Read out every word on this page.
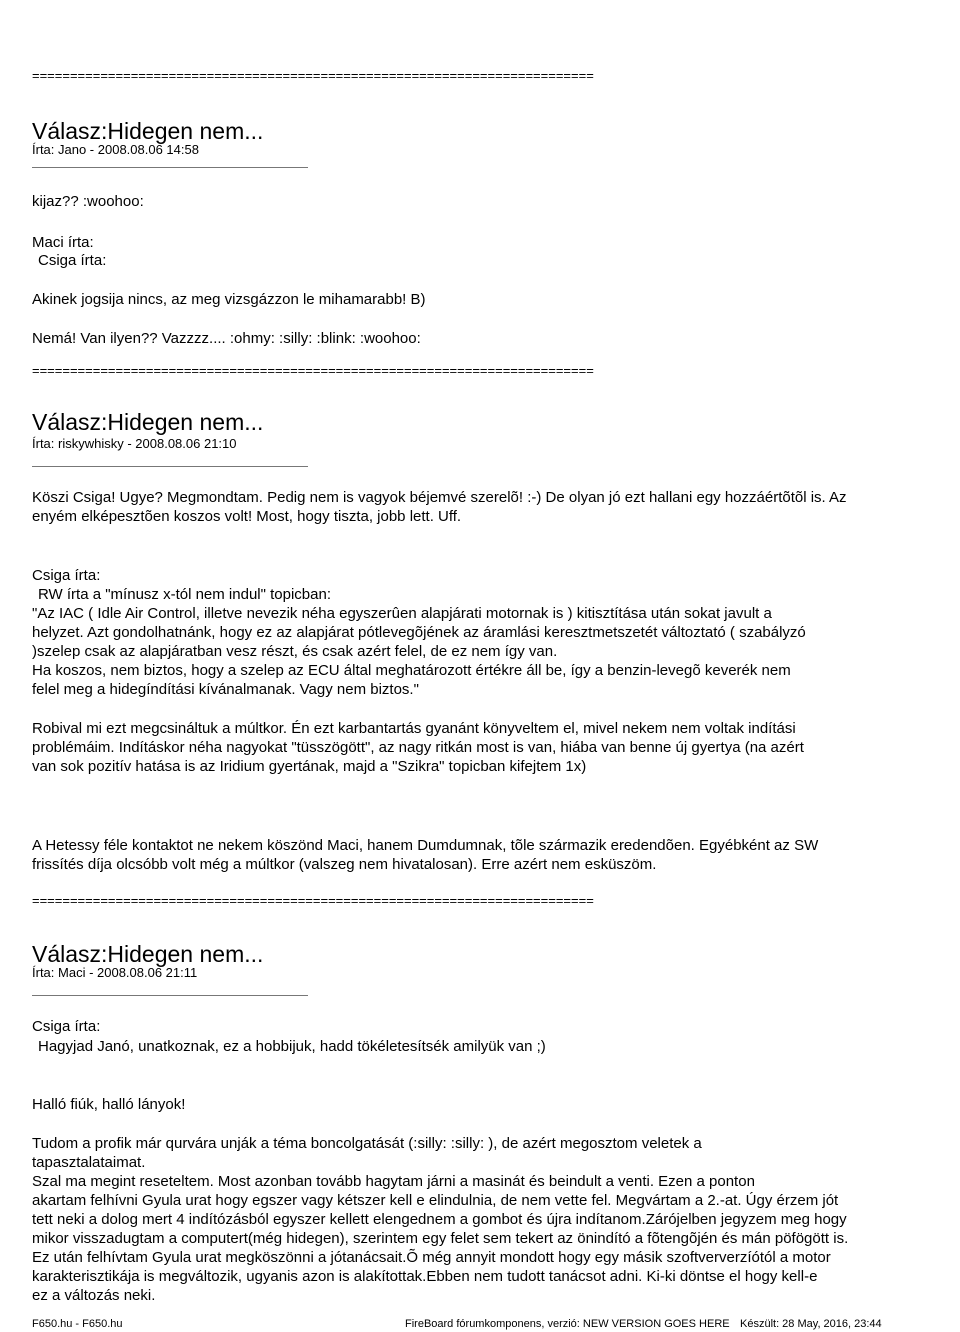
==========================================================================
==========================================================================
==========================================================================
Válasz:Hidegen nem...
Írta: Jano - 2008.08.06 14:58
kijaz?? :woohoo:
Maci írta:
Csiga írta:
Akinek jogsija nincs, az meg vizsgázzon le mihamarabb! B)
Nemá! Van ilyen?? Vazzzz.... :ohmy: :silly: :blink: :woohoo:
Válasz:Hidegen nem...
Írta: riskywhisky - 2008.08.06 21:10
Köszi Csiga! Ugye? Megmondtam. Pedig nem is vagyok béjemvé szerelõ! :-) De olyan jó ezt hallani egy hozzáértõtõl is. Az
enyém elképesztõen koszos volt! Most, hogy tiszta, jobb lett. Uff.
Csiga írta:
RW írta a "mínusz x-tól nem indul" topicban:
"Az IAC ( Idle Air Control, illetve nevezik néha egyszerûen alapjárati motornak is ) kitisztítása után sokat javult a
helyzet. Azt gondolhatnánk, hogy ez az alapjárat pótlevegõjének az áramlási keresztmetszetét változtató ( szabályzó
)szelep csak az alapjáratban vesz részt, és csak azért felel, de ez nem így van.
Ha koszos, nem biztos, hogy a szelep az ECU által meghatározott értékre áll be, így a benzin-levegõ keverék nem
felel meg a hidegíndítási kívánalmanak. Vagy nem biztos."
Robival mi ezt megcsináltuk a múltkor. Én ezt karbantartás gyanánt könyveltem el, mivel nekem nem voltak indítási
problémáim. Indításkor néha nagyokat "tüsszögött", az nagy ritkán most is van, hiába van benne új gyertya (na azért
van sok pozitív hatása is az Iridium gyertának, majd a "Szikra" topicban kifejtem 1x)
A Hetessy féle kontaktot ne nekem köszönd Maci, hanem Dumdumnak, tõle származik eredendõen. Egyébként az SW
frissítés díja olcsóbb volt még a múltkor (valszeg nem hivatalosan). Erre azért nem esküszöm.
Válasz:Hidegen nem...
Írta: Maci - 2008.08.06 21:11
Csiga írta:
Hagyjad Janó, unatkoznak, ez a hobbijuk, hadd tökéletesítsék amilyük van ;)
Halló fiúk, halló lányok!
Tudom a profik már qurvára unják a téma boncolgatását (:silly: :silly: ), de azért megosztom veletek a
tapasztalataimat.
Szal ma megint reseteltem. Most azonban tovább hagytam járni a masinát és beindult a venti. Ezen a ponton
akartam felhívni Gyula urat hogy egszer vagy kétszer kell e elindulnia, de nem vette fel. Megvártam a 2.-at. Úgy érzem jót
tett neki a dolog mert 4 indítózásból egyszer kellett elengednem a gombot és újra indítanom.Zárójelben jegyzem meg hogy
mikor visszadugtam a computert(még hidegen), szerintem egy felet sem tekert az önindító a fõtengõjén és mán pöfögött is.
Ez után felhívtam Gyula urat megköszönni a jótanácsait.Õ még annyit mondott hogy egy másik szoftververzíótól a motor
karakterisztikája is megváltozik, ugyanis azon is alakítottak.Ebben nem tudott tanácsot adni. Ki-ki döntse el hogy kell-e
ez a változás neki.
F650.hu - F650.hu	FireBoard fórumkomponens, verzió: NEW VERSION GOES HERE Készült: 28 May, 2016, 23:44
